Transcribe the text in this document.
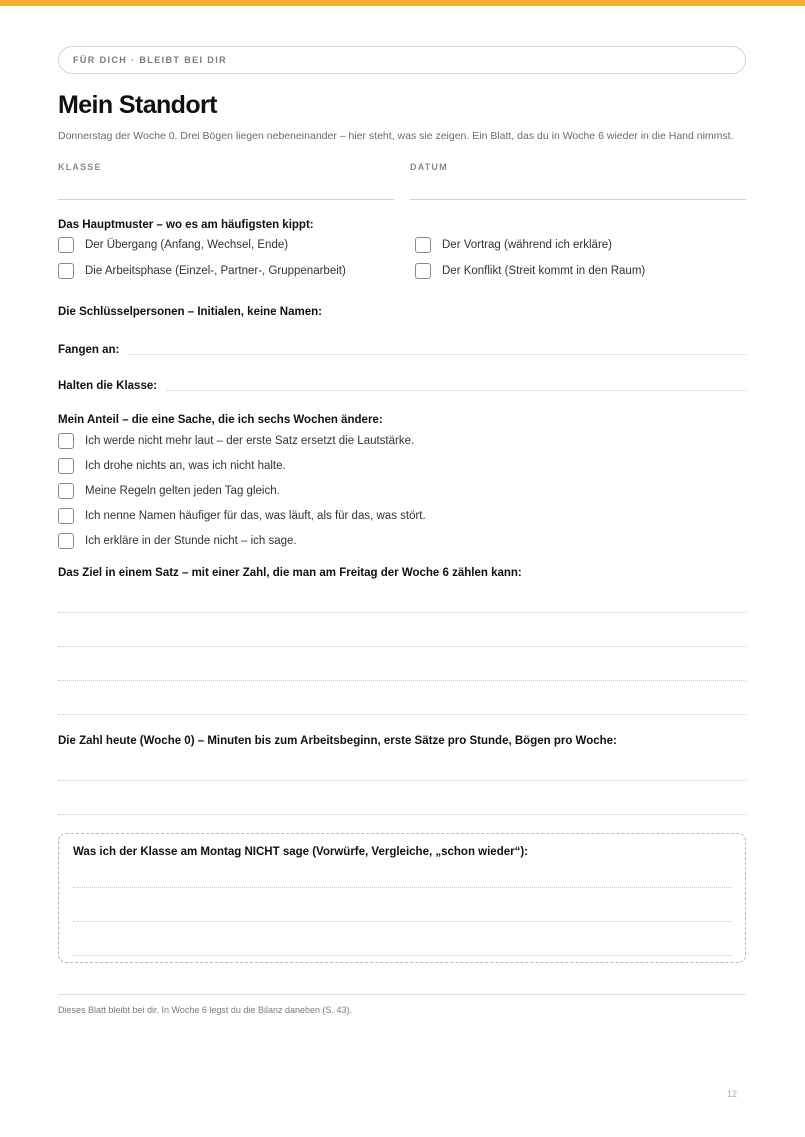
FÜR DICH · BLEIBT BEI DIR
Mein Standort

Donnerstag der Woche 0. Drei Bögen liegen nebeneinander – hier steht, was sie zeigen. Ein Blatt, das du in Woche 6 wieder in die Hand nimmst.

KLASSE	DATUM
Das Hauptmuster – wo es am häufigsten kippt:
Der Übergang (Anfang, Wechsel, Ende)	Der Vortrag (während ich erkläre)
Die Arbeitsphase (Einzel-, Partner-, Gruppenarbeit)	Der Konflikt (Streit kommt in den Raum)
Die Schlüsselpersonen – Initialen, keine Namen:
Fangen an:
Halten die Klasse:
Mein Anteil – die eine Sache, die ich sechs Wochen ändere:
Ich werde nicht mehr laut – der erste Satz ersetzt die Lautstärke.
Ich drohe nichts an, was ich nicht halte.
Meine Regeln gelten jeden Tag gleich.
Ich nenne Namen häufiger für das, was läuft, als für das, was stört.
Ich erkläre in der Stunde nicht – ich sage.
Das Ziel in einem Satz – mit einer Zahl, die man am Freitag der Woche 6 zählen kann:
Die Zahl heute (Woche 0) – Minuten bis zum Arbeitsbeginn, erste Sätze pro Stunde, Bögen pro Woche:
Was ich der Klasse am Montag NICHT sage (Vorwürfe, Vergleiche, „schon wieder“):
Dieses Blatt bleibt bei dir. In Woche 6 legst du die Bilanz daneben (S. 43).
12
